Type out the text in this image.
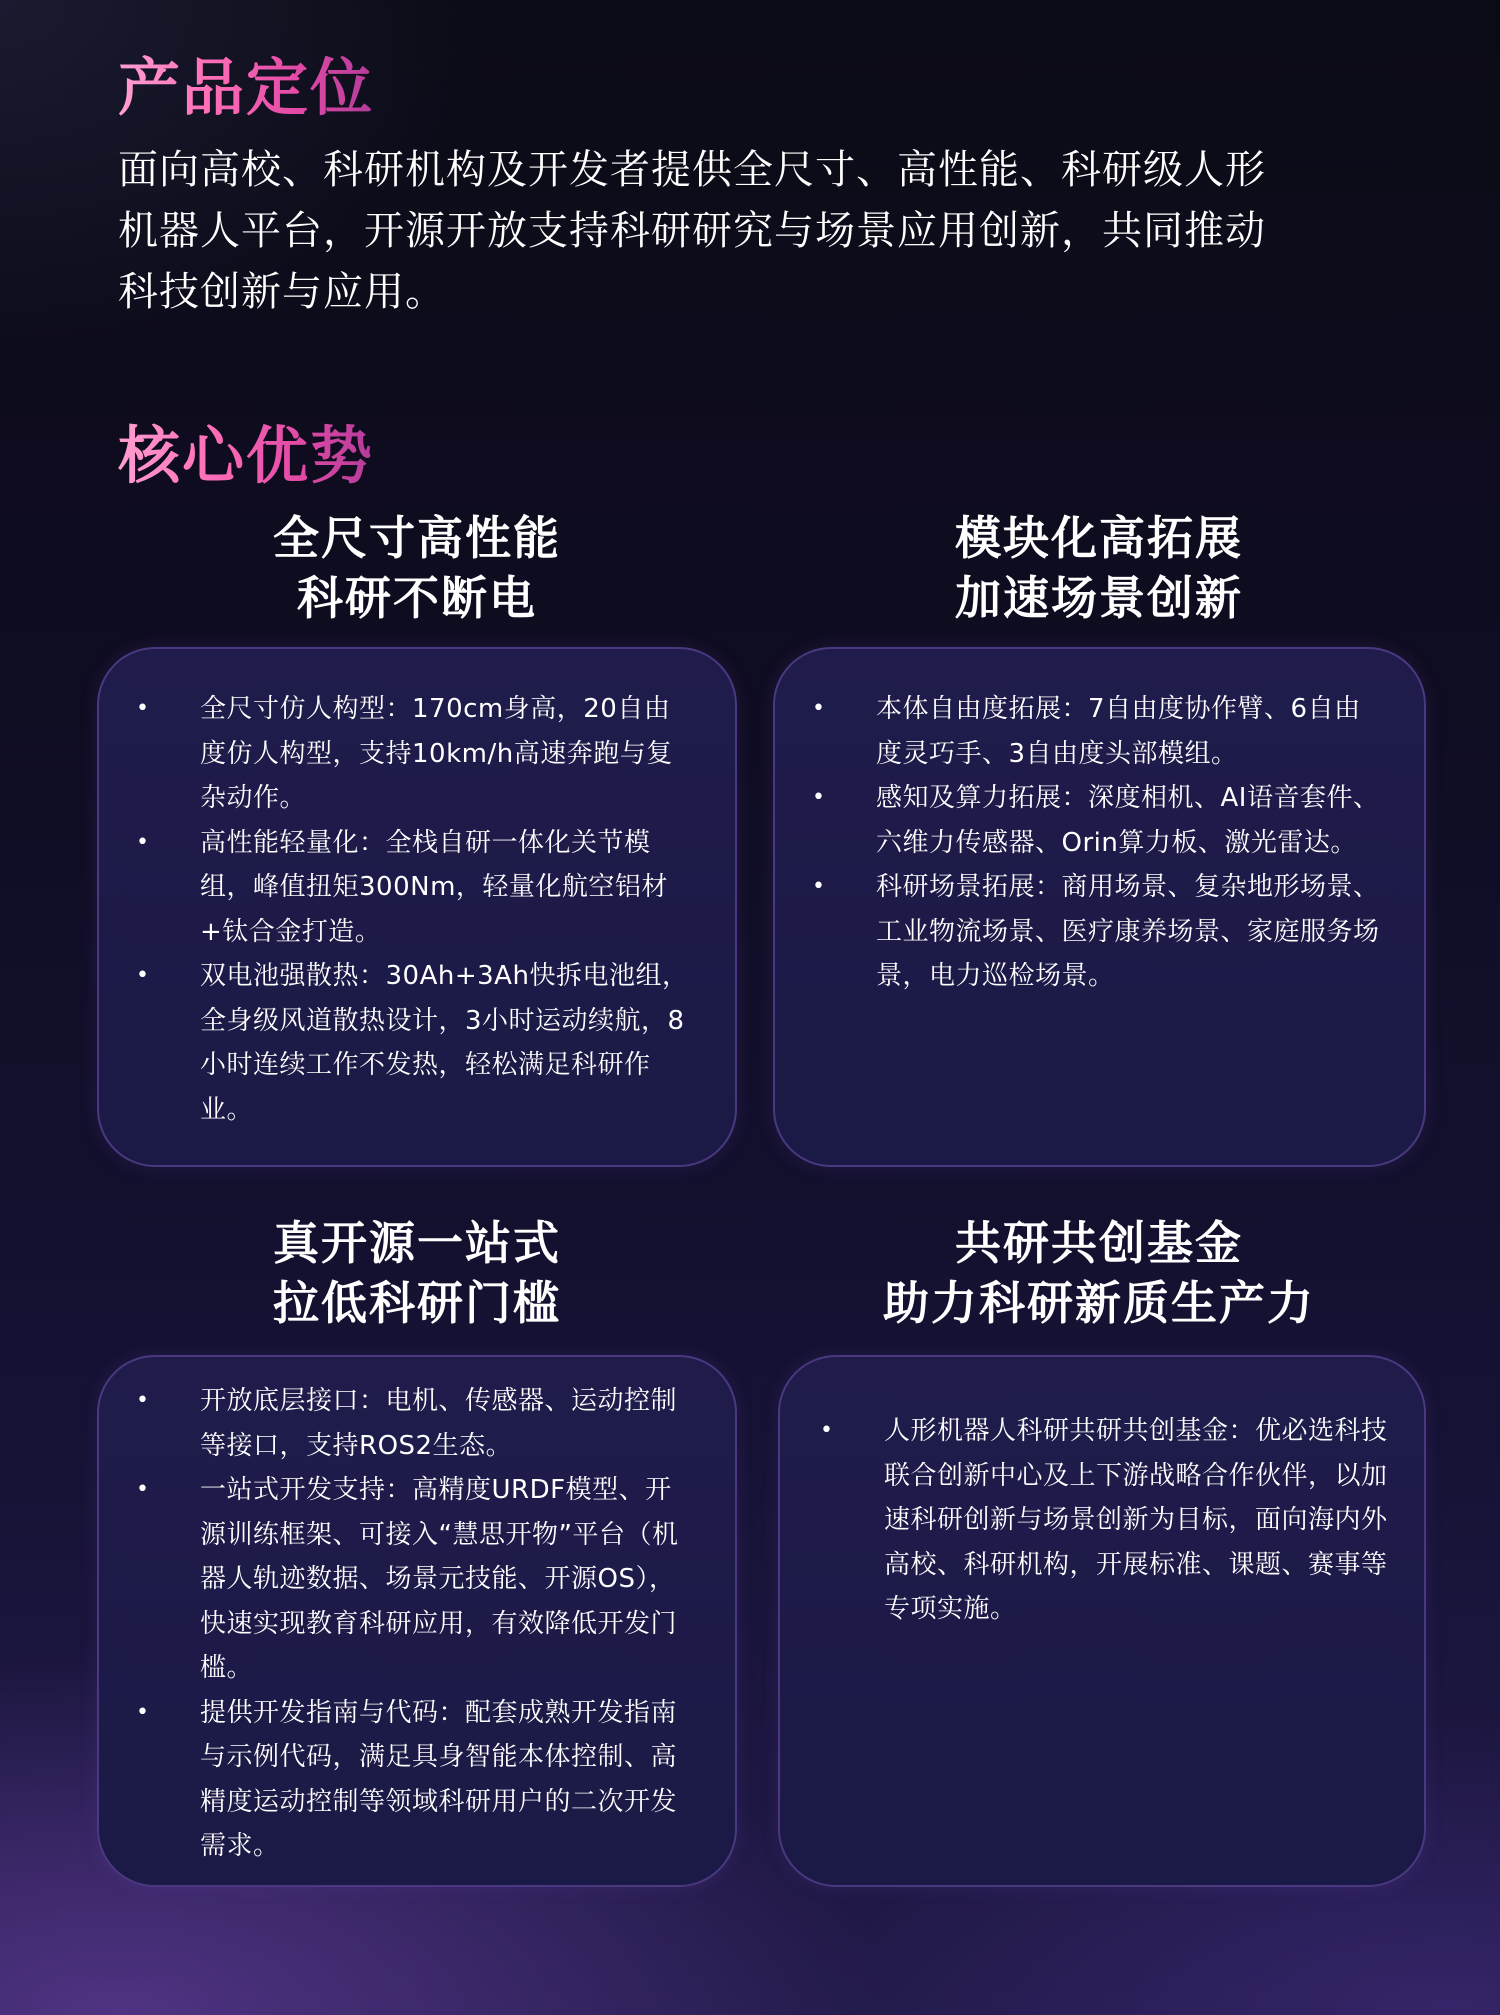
产品定位

面向高校、科研机构及开发者提供全尺寸、高性能、科研级人形
机器人平台，开源开放支持科研研究与场景应用创新，共同推动
科技创新与应用。

核心优势
全尺寸高性能
科研不断电
模块化高拓展
加速场景创新
真开源一站式
拉低科研门槛
共研共创基金
助力科研新质生产力
• 全尺寸仿人构型：170cm身高，20自由度仿人构型，支持10km/h高速奔跑与复杂动作。
• 高性能轻量化：全栈自研一体化关节模组，峰值扭矩300Nm，轻量化航空铝材+钛合金打造。
• 双电池强散热：30Ah+3Ah快拆电池组，全身级风道散热设计，3小时运动续航，8小时连续工作不发热，轻松满足科研作业。
• 本体自由度拓展：7自由度协作臂、6自由度灵巧手、3自由度头部模组。
• 感知及算力拓展：深度相机、AI语音套件、六维力传感器、Orin算力板、激光雷达。
• 科研场景拓展：商用场景、复杂地形场景、工业物流场景、医疗康养场景、家庭服务场景，电力巡检场景。
• 开放底层接口：电机、传感器、运动控制等接口，支持ROS2生态。
• 一站式开发支持：高精度URDF模型、开源训练框架、可接入“慧思开物”平台（机器人轨迹数据、场景元技能、开源OS），快速实现教育科研应用，有效降低开发门槛。
• 提供开发指南与代码：配套成熟开发指南与示例代码，满足具身智能本体控制、高精度运动控制等领域科研用户的二次开发需求。
• 人形机器人科研共研共创基金：优必选科技联合创新中心及上下游战略合作伙伴，以加速科研创新与场景创新为目标，面向海内外高校、科研机构，开展标准、课题、赛事等专项实施。
